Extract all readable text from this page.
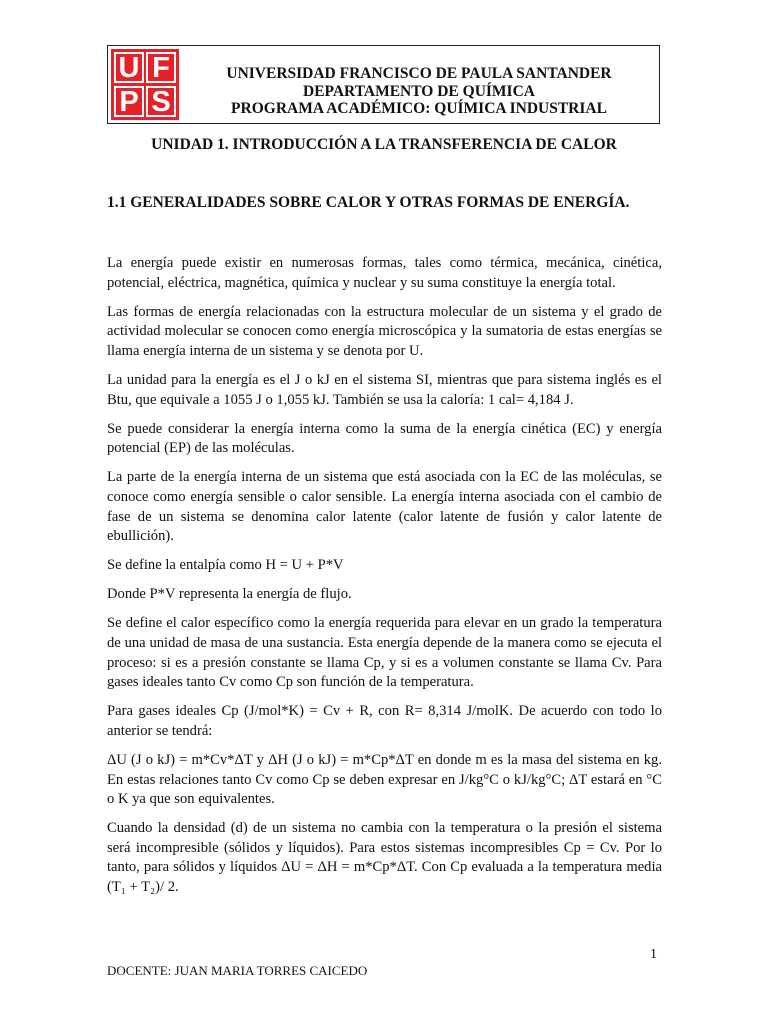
U F
P S
UNIVERSIDAD FRANCISCO DE PAULA SANTANDER
DEPARTAMENTO DE QUÍMICA
PROGRAMA ACADÉMICO: QUÍMICA INDUSTRIAL
UNIDAD 1. INTRODUCCIÓN A LA TRANSFERENCIA DE CALOR
1.1 GENERALIDADES SOBRE CALOR Y OTRAS FORMAS DE ENERGÍA.

La energía puede existir en numerosas formas, tales como térmica, mecánica, cinética, potencial, eléctrica, magnética, química y nuclear y su suma constituye la energía total.

Las formas de energía relacionadas con la estructura molecular de un sistema y el grado de actividad molecular se conocen como energía microscópica y la sumatoria de estas energías se llama energía interna de un sistema y se denota por U.

La unidad para la energía es el J o kJ en el sistema SI, mientras que para sistema inglés es el Btu, que equivale a 1055 J o 1,055 kJ. También se usa la caloría: 1 cal= 4,184 J.

Se puede considerar la energía interna como la suma de la energía cinética (EC) y energía potencial (EP) de las moléculas.

La parte de la energía interna de un sistema que está asociada con la EC de las moléculas, se conoce como energía sensible o calor sensible. La energía interna asociada con el cambio de fase de un sistema se denomina calor latente (calor latente de fusión y calor latente de ebullición).

Se define la entalpía como H = U + P*V

Donde P*V representa la energía de flujo.

Se define el calor específico como la energía requerida para elevar en un grado la temperatura de una unidad de masa de una sustancia. Esta energía depende de la manera como se ejecuta el proceso: si es a presión constante se llama Cp, y si es a volumen constante se llama Cv. Para gases ideales tanto Cv como Cp son función de la temperatura.

Para gases ideales Cp (J/mol*K) = Cv + R, con R= 8,314 J/molK. De acuerdo con todo lo anterior se tendrá:

ΔU (J o kJ) = m*Cv*ΔT y ΔH (J o kJ) = m*Cp*ΔT en donde m es la masa del sistema en kg. En estas relaciones tanto Cv como Cp se deben expresar en J/kg°C o kJ/kg°C; ΔT estará en °C o K ya que son equivalentes.

Cuando la densidad (d) de un sistema no cambia con la temperatura o la presión el sistema será incompresible (sólidos y líquidos). Para estos sistemas incompresibles Cp = Cv. Por lo tanto, para sólidos y líquidos ΔU = ΔH = m*Cp*ΔT. Con Cp evaluada a la temperatura media (T₁ + T₂)/ 2.

1
DOCENTE: JUAN MARIA TORRES CAICEDO
